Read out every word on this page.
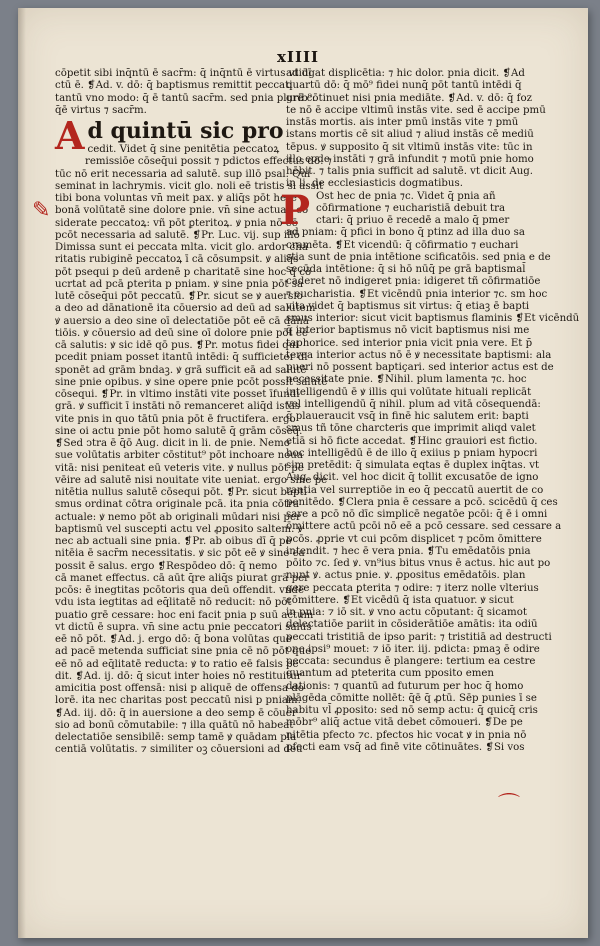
xIIII
cōpetit sibi inq̄ntū ē sacr̄m: q̄ inq̄ntū ē virtus vt dī
ctū ē. ❡Ad. v. dō: q̄ baptismus remittit peccati
tantū vno modo: q̄ ē tantū sacr̄m. sed pnia plurib⁹:
q̄ē virtus ⁊ sacr̄m.
Ad quintū sic pro
cedit. Videt q̄ sine penitētia peccatoꝝ
remissiōe cōseq̄ui possit ⁊ pdictos effectus dō: ⁊
tūc nō erit necessaria ad salutē. sup illō psal. Qui
seminat in lachrymis. vicit glo. noli eē tristis si assit
tibi bona voluntas vn̄ meit pax. ꝟ aliq̄s pōt here
bonā volūtatē sine dolore pnie. vn̄ sine actuali cō
siderate peccatoꝝ: vñ pōt ꝑteritoꝝ. ꝟ pnia nō eē
pcōt necessaria ad salutē. ❡Pr. Luc. vij. sup illō
Dimissa sunt ei peccata mlta. vicit glo. ardor cha
ritatis rubiginē peccatoꝝ ī cā cōsumpsit. ꝟ aliq̄s
pōt psequi p deū ardenē p charitatē sine hoc q̄ cō
ucrtat ad pcā ꝑterita p pniam. ꝟ sine pnia pōt sa
lutē cōseq̄ui pōt peccatū. ❡Pr. sicut se ꝟ auersio
a deo ad dānationē ita cōuersio ad deū ad salutem
ꝟ auersio a deo sine oī delectatiōe pōt eē cā dānā
tiōis. ꝟ cōuersio ad deū sine oī dolore pnie pōt eē
cā salutis: ꝟ sic idē qō pus. ❡Pr. motus fidei qui
pcedit pniam posset itantū intēdi: q̄ sufficieter dī
sponēt ad grām bndaꝫ. ꝟ grā sufficit eā ad salutē
sine pnie opibus. ꝟ sine opere pnie pcōt possit salutē
cōsequi. ❡Pr. in vltimo instāti vite posset īfundi
grā. ꝟ sufficit ī instāti nō remanceret aliq̄d istās
vite pnis in quo tātū pnia pōt ē fructifera. ergo
sine oi actu pnie pōt homo salutē q̄ grām cōseq̄.
❡Sed ↄtra ē q̄ō Aug. dicit in li. de pnie. Nemo
sue volūtatis arbiter cōstitut⁹ pōt inchoare noua
vitā: nisi peniteat eū veteris vite. ꝟ nullus pōt pe
vēire ad salutē nisi nouitate vite ueniat. ergo sine pe
nitētia nullus salutē cōsequi pōt. ❡Pr. sicut bapti
smus ordinat cōtra originale pcā. ita pnia cōtra
actuale: ꝟ nemo pōt ab originali mūdari nisi per
baptismū vel suscepti actu vel ꝓposito saltem. ꝟ
nec ab actuali sine pnia. ❡Pr. ab oibus dī q̄ pe
nitēia ē sacr̄m necessitatis. ꝟ sic pōt eē ꝟ sine ea
possit ē salus. ergo ❡Respōdeo dō: q̄ nemo
cā manet effectus. cā aūt q̄re aliq̄s piurat grā per
pcōs: ē inegtitas pcōtoris qua deū offendit. vnde
vdu ista iegtitas ad eq̄litatē nō reducit: nō pōt
puatio grē cessare: hoc eni facit pnia p suū actum
vt dictū ē supra. vn̄ sine actu pnie peccatori salus
eē nō pōt. ❡Ad. j. ergo dō: q̄ bona volūtas que
ad pacē metenda sufficiat sine pnia cē nō pōt que
eē nō ad eq̄litatē reducta: ꝟ to ratio eē falsis pe
dit. ❡Ad. ij. dō: q̄ sicut inter hoies nō restituitur
amicitia post offensā: nisi p aliquē de offensa do
lorē. ita nec charitas post peccatū nisi p pniam.
❡Ad. iij. dō: q̄ in auersione a deo semp ē cōuer
sio ad bonū cōmutabile: ⁊ illa quātū nō habeat
delectatiōe sensibilē: semp tamē ꝟ quādam pla
centiā volūtatis. ⁊ similiter oꝫ cōuersioni ad deū
adiūgat displicētia: ⁊ hic dolor. pnia dicit. ❡Ad
quartū dō: q̄ mō⁹ fidei nunq̄ pōt tantū intēdi q̄
grē cōtinuet nisi pnia mediāte. ❡Ad. v. dō: q̄ foz
te nō ē accipe vltimū instās vite. sed ē accipe pmū
instās mortis. ais inter pmū instās vite ⁊ pmū
istans mortis cē sit aliud ⁊ aliud instās cē mediū
tēpus. ꝟ supposito q̄ sit vltimū instās vite: tūc in
illo eode instāti ⁊ grā infundit ⁊ motū pnie homo
hēbit. ⁊ talis pnia sufficit ad salutē. vt dicit Aug.
in li. de ecclesiasticis dogmatibus.
P Ost hec de pnia ⁊c. Videt q̄ pnia añ
cōfirmatione ⁊ eucharistiā debuit tra
ctari: q̄ priuo ē recedē a malo q̄ pmer
ad pniam: q̄ pfici in bono q̄ ptinz ad illa duo sa
cramēta. ❡Et vicendū: q̄ cōfirmatio ⁊ euchari
stia sunt de pnia intētione scificatōis. sed pnia e de
secūda intētione: q̄ si hō nūq̄ pe grā baptismal̄
caderet nō indigeret pnia: idigeret tñ cōfirmatiōe
⁊ eucharistia. ❡Et vicēndū pnia interior ⁊c. sm hoc
vita videt q̄ baptismus sit virtus: q̄ etiaꝫ ē bapti
smus interior: sicut vicit baptismus flaminis ❡Et vicēndū
q̄ interior baptismus nō vicit baptismus nisi me
taphorice. sed interior pnia vicit pnia vere. Et p̄
terea interior actus nō ē ꝟ necessitate baptismi: ala
pueri nō possent baptiçari. sed interior actus est de
necessitate pnie. ❡Nihil. plum lamenta ⁊c. hoc
intelligendū ē ꝟ illis qui volūtate hituali replicāt
vel intelligendū q̄ nihil. plum ad vitā cōsequendā:
q̄ plaueraucit vsq̄ in finē hic salutem erit: bapti
smus tñ tōne charcteris que imprimit aliqd valet
etiā si hō ficte accedat. ❡Hinc grauiori est fictio.
hoc intelligēdū ē de illo q̄ exiius p pniam hypocri
sim pretēdit: q̄ simulata eqtas ē duplex inq̄tas. vt
Aug. dicit. vel hoc dicit q̄ tollit excusatōe de igno
rantia vel surreptiōe in eo q̄ peccatū auertit de co
penitēdo. ❡Clera pnia ē cessare a pcō. scicēdū q̄ ces
sare a pcō nō dīc simplicē negatōe pcōi: q̄ ē i omni
ōmittere actū pcōi nō eē a pcō cessare. sed cessare a
pcōs. ꝓprie vt cui pcōm displicet ⁊ pcōm ōmittere
intendit. ⁊ hec ē vera pnia. ❡Tu emēdatōis pnia
pōito ⁊c. ſed ꝟ. vn⁹ius bitus vnus ē actus. hic aut po
nunt ꝟ. actus pnie. ꝟ. ꝓpositus emēdatōis. plan
gere peccata ꝑterita ⁊ odire: ⁊ iterz nolle vlterius
cōmittere. ❡Et vicēdū q̄ ista quatuor. ꝟ sicut
in pnia: ⁊ iō sit. ꝟ vno actu cōputant: q̄ sicamot
delectatiōe pariit in cōsiderātiōe amātis: ita odiū
peccati tristitiā de ipso parit: ⁊ tristitiā ad destructi
one ipsi⁹ mouet: ⁊ iō iter. iij. pdicta: pmaꝫ ē odire
peccata: secundus ē plangere: tertium ea cestre
quantum ad pteterita cum pposito emen
dationis: ⁊ quantū ad futurum per hoc q̄ homo
plāgēda cōmitte nollēt: q̄ē q̄ ꝓtū. Sēp punies ī se
habitu vl̄ ꝓposito: sed nō semp actu: q̄ quicq̄ cris
mōbr⁹ aliq̄ actue vitā debet cōmoueri. ❡De pe
nitētia pfecto ⁊c. pfectos hic vocat ꝟ in pnia nō
pfecti eam vsq̄ ad finē vite cōtinuātes. ❡Si vos
✎
⌒
